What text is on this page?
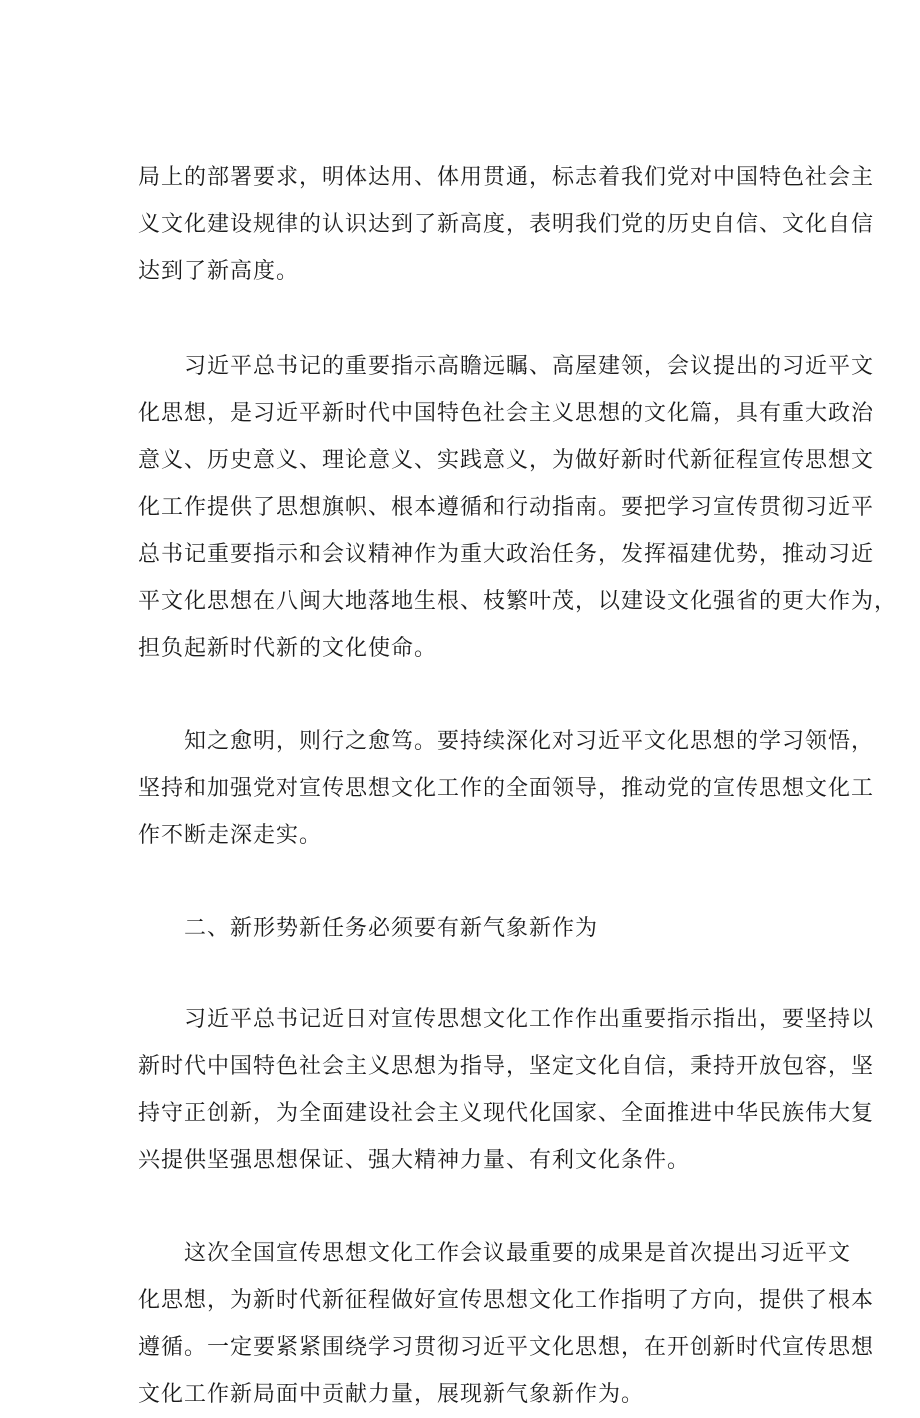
局上的部署要求，明体达用、体用贯通，标志着我们党对中国特色社会主
义文化建设规律的认识达到了新高度，表明我们党的历史自信、文化自信
达到了新高度。
习近平总书记的重要指示高瞻远瞩、高屋建领，会议提出的习近平文
化思想，是习近平新时代中国特色社会主义思想的文化篇，具有重大政治
意义、历史意义、理论意义、实践意义，为做好新时代新征程宣传思想文
化工作提供了思想旗帜、根本遵循和行动指南。要把学习宣传贯彻习近平
总书记重要指示和会议精神作为重大政治任务，发挥福建优势，推动习近
平文化思想在八闽大地落地生根、枝繁叶茂，以建设文化强省的更大作为，
担负起新时代新的文化使命。
知之愈明，则行之愈笃。要持续深化对习近平文化思想的学习领悟，
坚持和加强党对宣传思想文化工作的全面领导，推动党的宣传思想文化工
作不断走深走实。
二、新形势新任务必须要有新气象新作为
习近平总书记近日对宣传思想文化工作作出重要指示指出，要坚持以
新时代中国特色社会主义思想为指导，坚定文化自信，秉持开放包容，坚
持守正创新，为全面建设社会主义现代化国家、全面推进中华民族伟大复
兴提供坚强思想保证、强大精神力量、有利文化条件。
这次全国宣传思想文化工作会议最重要的成果是首次提出习近平文
化思想，为新时代新征程做好宣传思想文化工作指明了方向，提供了根本
遵循。一定要紧紧围绕学习贯彻习近平文化思想，在开创新时代宣传思想
文化工作新局面中贡献力量，展现新气象新作为。
